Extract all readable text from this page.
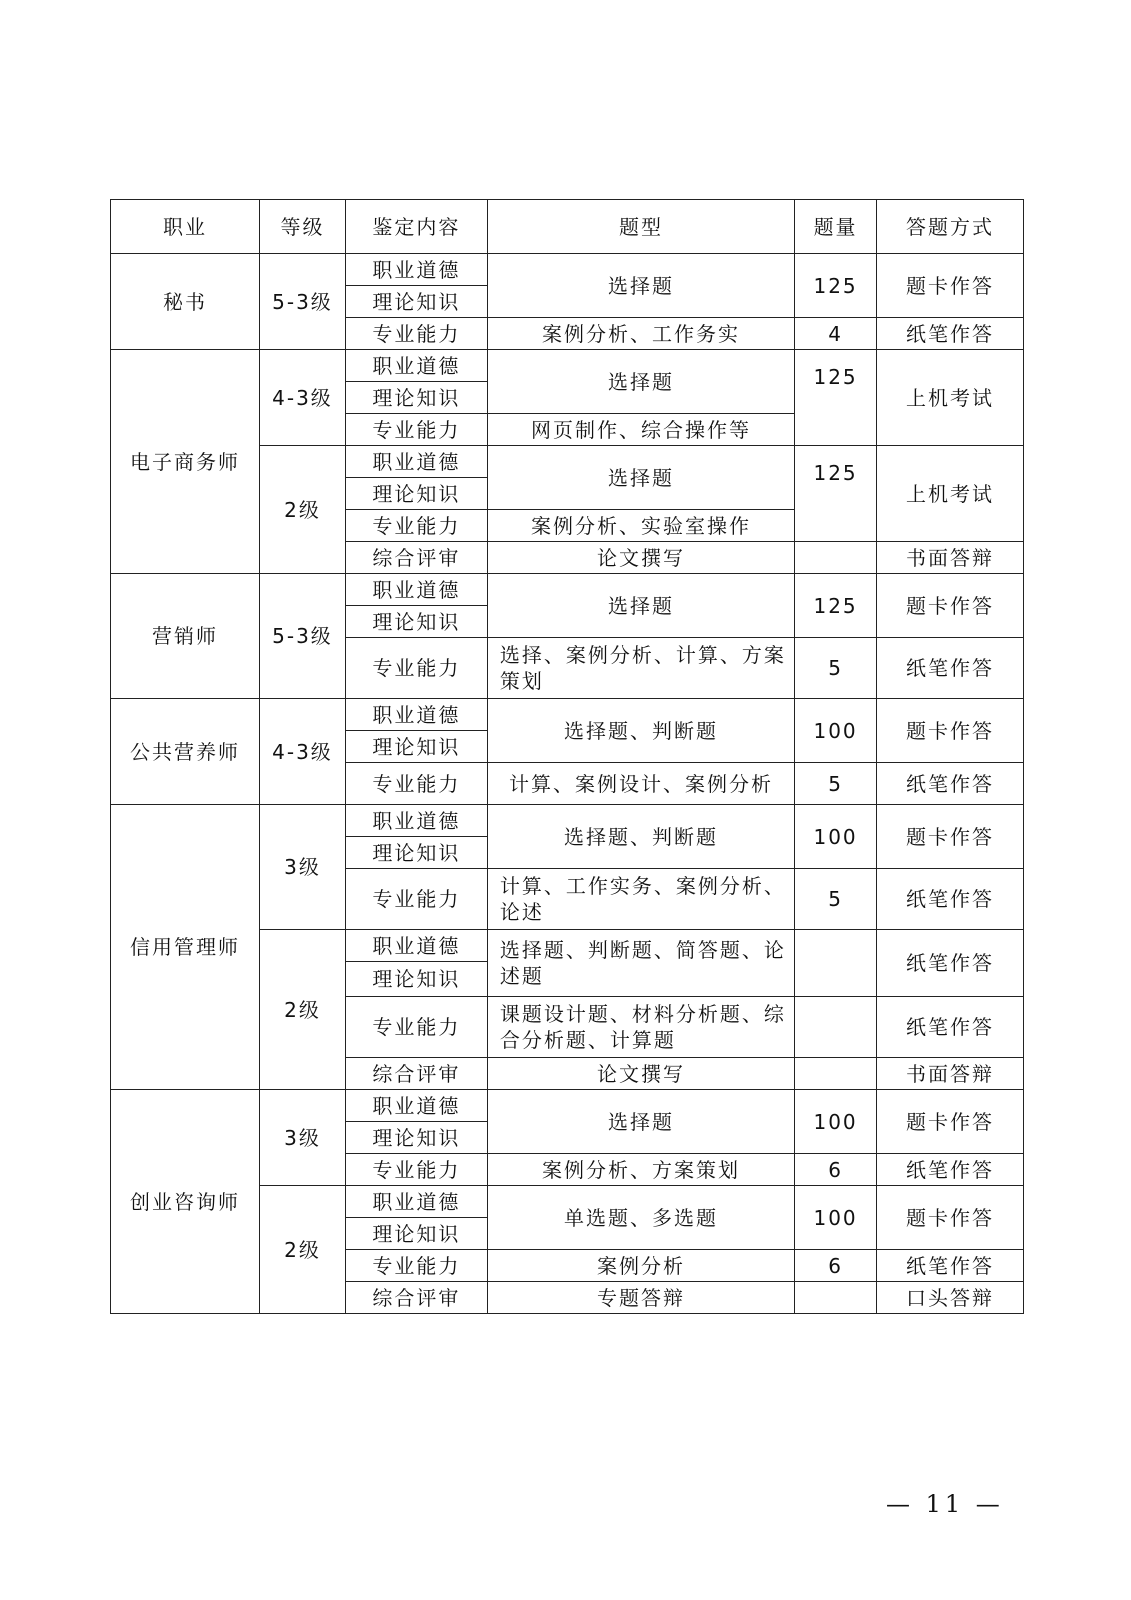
职业	等级	鉴定内容	题型	题量	答题方式
秘书	5-3级	职业道德	选择题	125	题卡作答
		理论知识			
		专业能力	案例分析、工作务实	4	纸笔作答
电子商务师	4-3级	职业道德	选择题	125	上机考试
		理论知识			
		专业能力	网页制作、综合操作等		
	2级	职业道德	选择题	125	上机考试
		理论知识			
		专业能力	案例分析、实验室操作		
		综合评审	论文撰写		书面答辩
营销师	5-3级	职业道德	选择题	125	题卡作答
		理论知识			
		专业能力	选择、案例分析、计算、方案策划	5	纸笔作答
公共营养师	4-3级	职业道德	选择题、判断题	100	题卡作答
		理论知识			
		专业能力	计算、案例设计、案例分析	5	纸笔作答
信用管理师	3级	职业道德	选择题、判断题	100	题卡作答
		理论知识			
		专业能力	计算、工作实务、案例分析、论述	5	纸笔作答
	2级	职业道德	选择题、判断题、简答题、论述题		纸笔作答
		理论知识			
		专业能力	课题设计题、材料分析题、综合分析题、计算题		纸笔作答
		综合评审	论文撰写		书面答辩
创业咨询师	3级	职业道德	选择题	100	题卡作答
		理论知识			
		专业能力	案例分析、方案策划	6	纸笔作答
	2级	职业道德	单选题、多选题	100	题卡作答
		理论知识			
		专业能力	案例分析	6	纸笔作答
		综合评审	专题答辩		口头答辩
— 11 —
